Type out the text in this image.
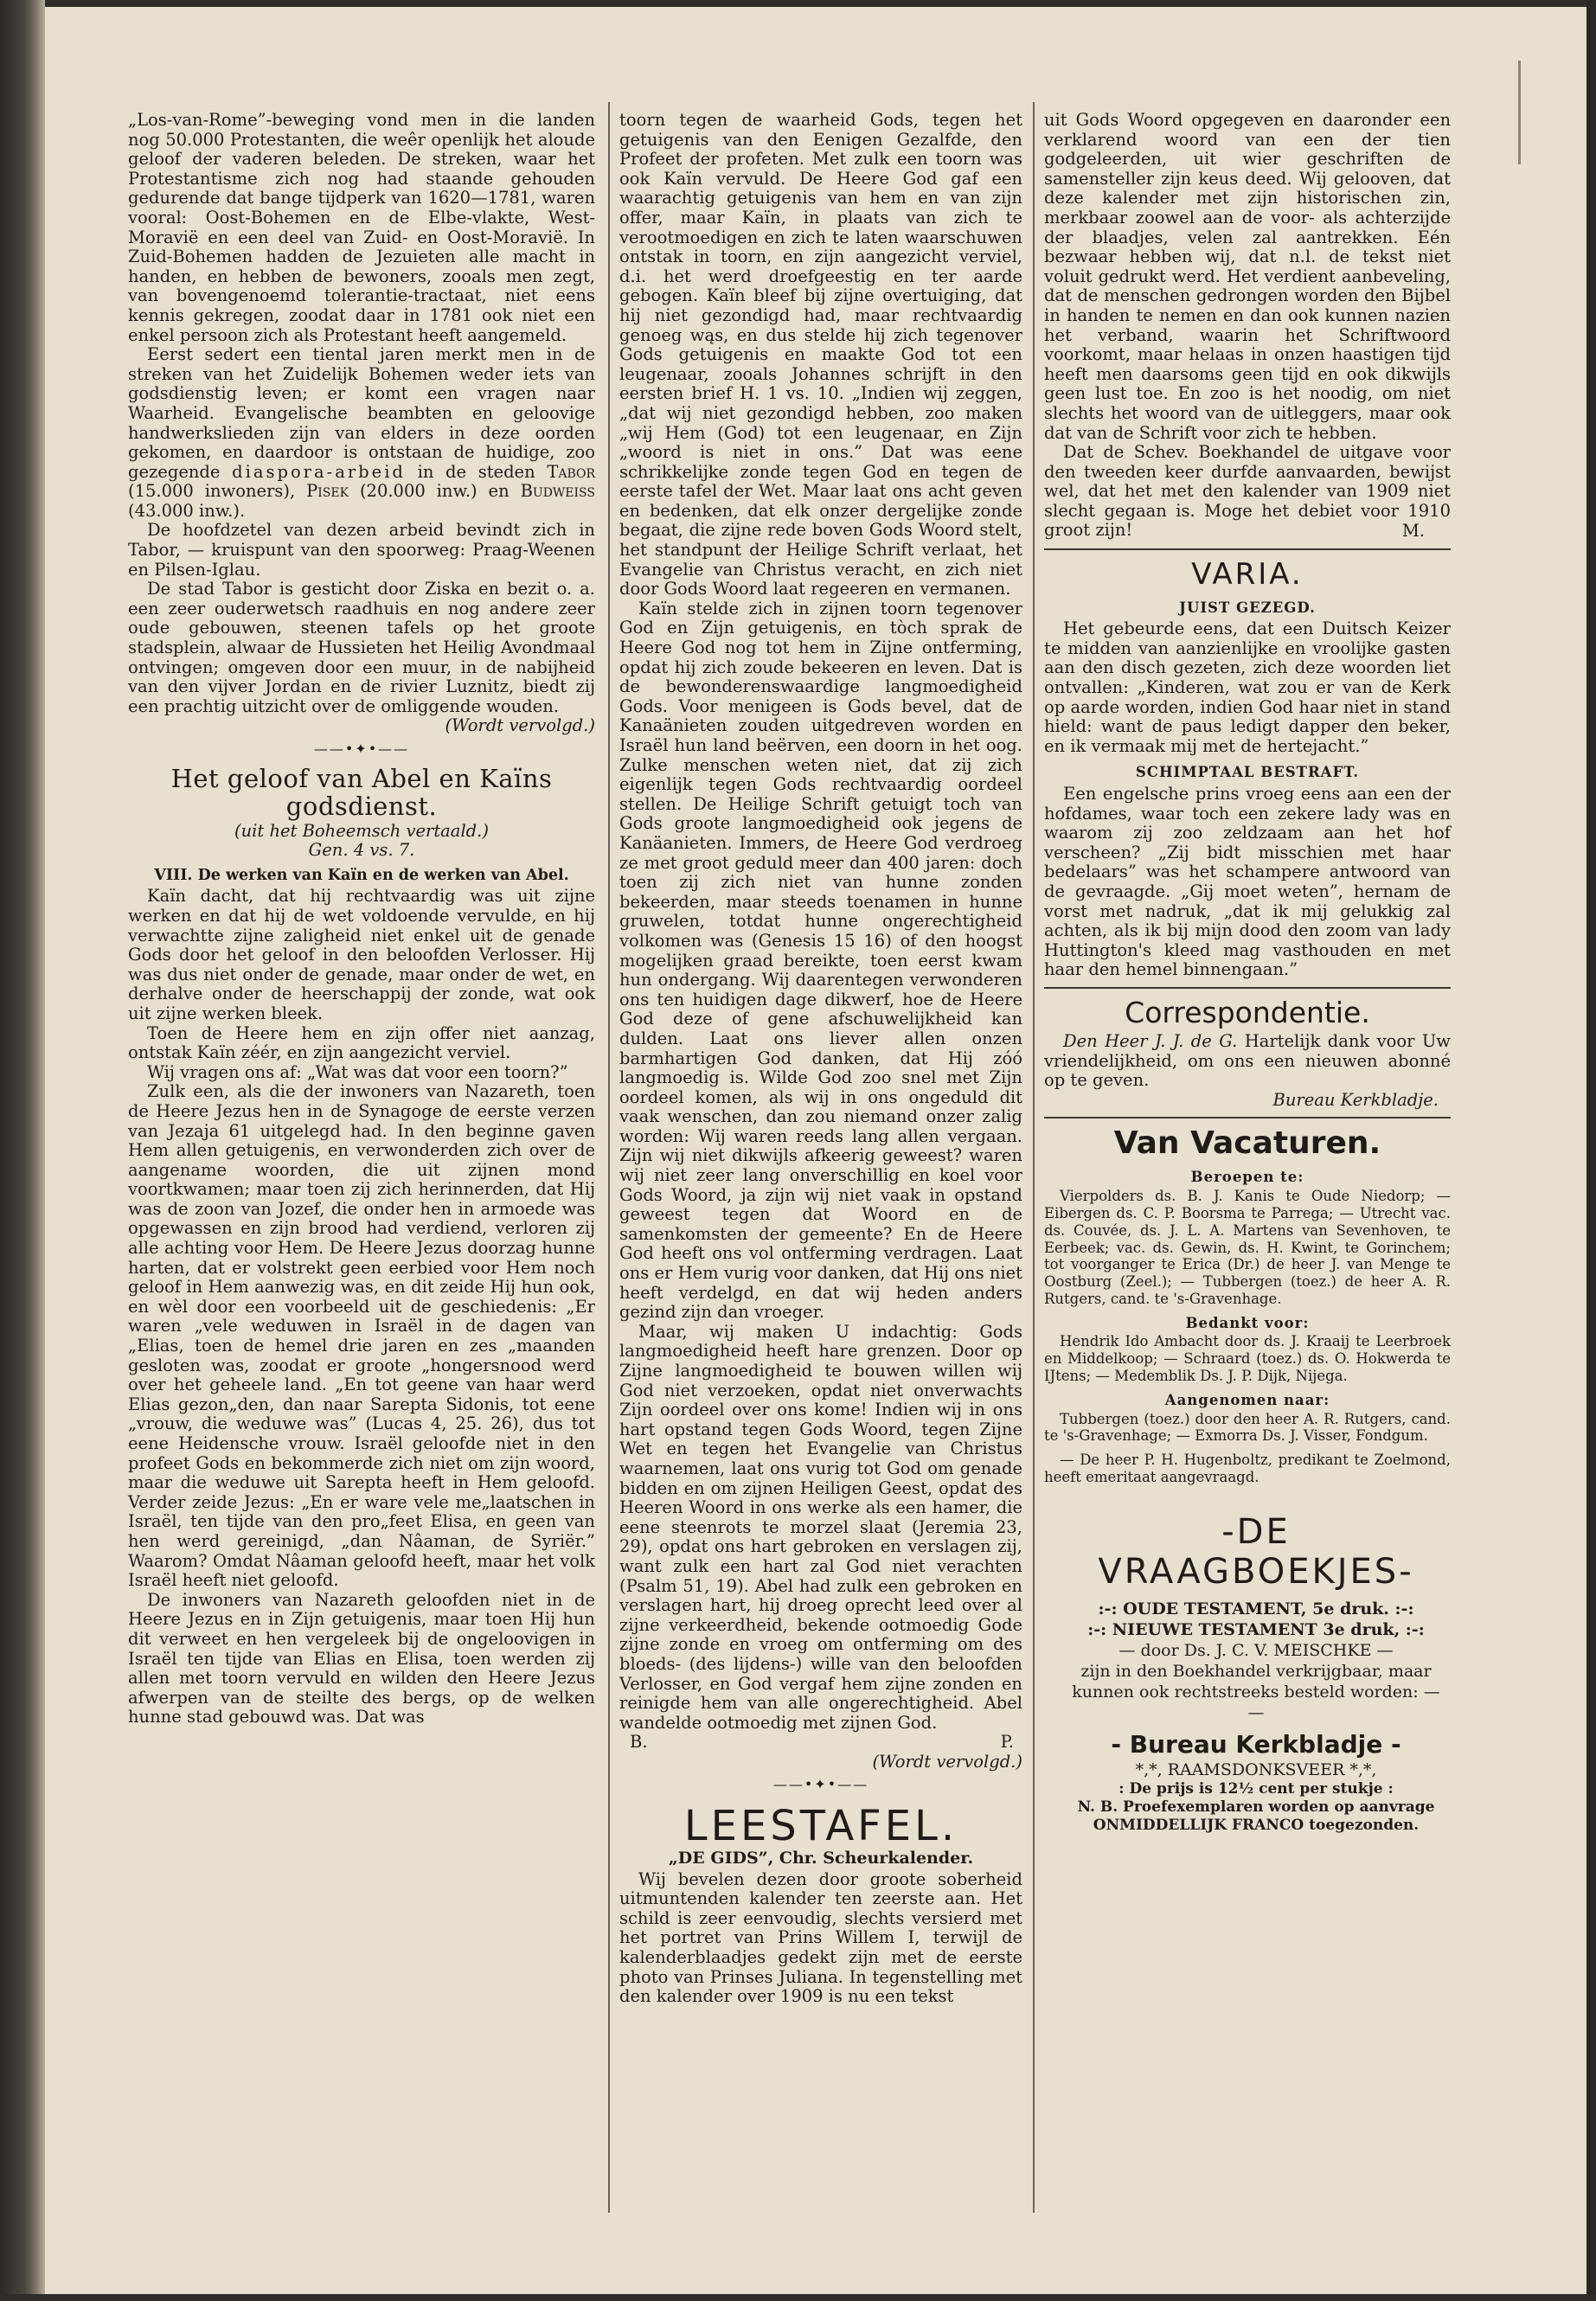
„Los-van-Rome”-beweging vond men in die landen nog 50.000 Protestanten, die weêr openlijk het aloude geloof der vaderen beleden. De streken, waar het Protestantisme zich nog had staande gehouden gedurende dat bange tijdperk van 1620—1781, waren vooral: Oost-Bohemen en de Elbe-vlakte, West-Moravië en een deel van Zuid- en Oost-Moravië. In Zuid-Bohemen hadden de Jezuieten alle macht in handen, en hebben de bewoners, zooals men zegt, van bovengenoemd tolerantie-tractaat, niet eens kennis gekregen, zoodat daar in 1781 ook niet een enkel persoon zich als Protestant heeft aangemeld.

Eerst sedert een tiental jaren merkt men in de streken van het Zuidelijk Bohemen weder iets van godsdienstig leven; er komt een vragen naar Waarheid. Evangelische beambten en geloovige handwerkslieden zijn van elders in deze oorden gekomen, en daardoor is ontstaan de huidige, zoo gezegende diaspora-arbeid in de steden Tabor (15.000 inwoners), Pisek (20.000 inw.) en Budweiss (43.000 inw.).

De hoofdzetel van dezen arbeid bevindt zich in Tabor, — kruispunt van den spoorweg: Praag-Weenen en Pilsen-Iglau.

De stad Tabor is gesticht door Ziska en bezit o. a. een zeer ouderwetsch raadhuis en nog andere zeer oude gebouwen, steenen tafels op het groote stadsplein, alwaar de Hussieten het Heilig Avondmaal ontvingen; omgeven door een muur, in de nabijheid van den vijver Jordan en de rivier Luznitz, biedt zij een prachtig uitzicht over de omliggende wouden.

(Wordt vervolgd.)

——•✦•——
Het geloof van Abel en Kaïns
godsdienst.
(uit het Boheemsch vertaald.)
Gen. 4 vs. 7.
VIII. De werken van Kaïn en de werken van Abel.

Kaïn dacht, dat hij rechtvaardig was uit zijne werken en dat hij de wet voldoende vervulde, en hij verwachtte zijne zaligheid niet enkel uit de genade Gods door het geloof in den beloofden Verlosser. Hij was dus niet onder de genade, maar onder de wet, en derhalve onder de heerschappij der zonde, wat ook uit zijne werken bleek.

Toen de Heere hem en zijn offer niet aanzag, ontstak Kaïn zéér, en zijn aangezicht verviel.

Wij vragen ons af: „Wat was dat voor een toorn?”

Zulk een, als die der inwoners van Nazareth, toen de Heere Jezus hen in de Synagoge de eerste verzen van Jezaja 61 uitgelegd had. In den beginne gaven Hem allen getuigenis, en verwonderden zich over de aangename woorden, die uit zijnen mond voortkwamen; maar toen zij zich herinnerden, dat Hij was de zoon van Jozef, die onder hen in armoede was opgewassen en zijn brood had verdiend, verloren zij alle achting voor Hem. De Heere Jezus doorzag hunne harten, dat er volstrekt geen eerbied voor Hem noch geloof in Hem aanwezig was, en dit zeide Hij hun ook, en wèl door een voorbeeld uit de geschiedenis: „Er waren „vele weduwen in Israël in de dagen van „Elias, toen de hemel drie jaren en zes „maanden gesloten was, zoodat er groote „hongersnood werd over het geheele land. „En tot geene van haar werd Elias gezon„den, dan naar Sarepta Sidonis, tot eene „vrouw, die weduwe was” (Lucas 4, 25. 26), dus tot eene Heidensche vrouw. Israël geloofde niet in den profeet Gods en bekommerde zich niet om zijn woord, maar die weduwe uit Sarepta heeft in Hem geloofd. Verder zeide Jezus: „En er ware vele me„laatschen in Israël, ten tijde van den pro„feet Elisa, en geen van hen werd gereinigd, „dan Nâaman, de Syriër.” Waarom? Omdat Nâaman geloofd heeft, maar het volk Israël heeft niet geloofd.

De inwoners van Nazareth geloofden niet in de Heere Jezus en in Zijn getuigenis, maar toen Hij hun dit verweet en hen vergeleek bij de ongeloovigen in Israël ten tijde van Elias en Elisa, toen werden zij allen met toorn vervuld en wilden den Heere Jezus afwerpen van de steilte des bergs, op de welken hunne stad gebouwd was. Dat was

toorn tegen de waarheid Gods, tegen het getuigenis van den Eenigen Gezalfde, den Profeet der profeten. Met zulk een toorn was ook Kaïn vervuld. De Heere God gaf een waarachtig getuigenis van hem en van zijn offer, maar Kaïn, in plaats van zich te verootmoedigen en zich te laten waarschuwen ontstak in toorn, en zijn aangezicht verviel, d.i. het werd droefgeestig en ter aarde gebogen. Kaïn bleef bij zijne overtuiging, dat hij niet gezondigd had, maar rechtvaardig genoeg wąs, en dus stelde hij zich tegenover Gods getuigenis en maakte God tot een leugenaar, zooals Johannes schrijft in den eersten brief H. 1 vs. 10. „Indien wij zeggen, „dat wij niet gezondigd hebben, zoo maken „wij Hem (God) tot een leugenaar, en Zijn „woord is niet in ons.” Dat was eene schrikkelijke zonde tegen God en tegen de eerste tafel der Wet. Maar laat ons acht geven en bedenken, dat elk onzer dergelijke zonde begaat, die zijne rede boven Gods Woord stelt, het standpunt der Heilige Schrift verlaat, het Evangelie van Christus veracht, en zich niet door Gods Woord laat regeeren en vermanen.

Kaïn stelde zich in zijnen toorn tegenover God en Zijn getuigenis, en tòch sprak de Heere God nog tot hem in Zijne ontferming, opdat hij zich zoude bekeeren en leven. Dat is de bewonderenswaardige langmoedigheid Gods. Voor menigeen is Gods bevel, dat de Kanaänieten zouden uitgedreven worden en Israël hun land beërven, een doorn in het oog. Zulke menschen weten niet, dat zij zich eigenlijk tegen Gods rechtvaardig oordeel stellen. De Heilige Schrift getuigt toch van Gods groote langmoedigheid ook jegens de Kanäanieten. Immers, de Heere God verdroeg ze met groot geduld meer dan 400 jaren: doch toen zij zich niet van hunne zonden bekeerden, maar steeds toenamen in hunne gruwelen, totdat hunne ongerechtigheid volkomen was (Genesis 15 16) of den hoogst mogelijken graad bereikte, toen eerst kwam hun ondergang. Wij daarentegen verwonderen ons ten huidigen dage dikwerf, hoe de Heere God deze of gene afschuwelijkheid kan dulden. Laat ons liever allen onzen barmhartigen God danken, dat Hij zóó langmoedig is. Wilde God zoo snel met Zijn oordeel komen, als wij in ons ongeduld dit vaak wenschen, dan zou niemand onzer zalig worden: Wij waren reeds lang allen vergaan. Zijn wij niet dikwijls afkeerig geweest? waren wij niet zeer lang onverschillig en koel voor Gods Woord, ja zijn wij niet vaak in opstand geweest tegen dat Woord en de samenkomsten der gemeente? En de Heere God heeft ons vol ontferming verdragen. Laat ons er Hem vurig voor danken, dat Hij ons niet heeft verdelgd, en dat wij heden anders gezind zijn dan vroeger.

Maar, wij maken U indachtig: Gods langmoedigheid heeft hare grenzen. Door op Zijne langmoedigheid te bouwen willen wij God niet verzoeken, opdat niet onverwachts Zijn oordeel over ons kome! Indien wij in ons hart opstand tegen Gods Woord, tegen Zijne Wet en tegen het Evangelie van Christus waarnemen, laat ons vurig tot God om genade bidden en om zijnen Heiligen Geest, opdat des Heeren Woord in ons werke als een hamer, die eene steenrots te morzel slaat (Jeremia 23, 29), opdat ons hart gebroken en verslagen zij, want zulk een hart zal God niet verachten (Psalm 51, 19). Abel had zulk een gebroken en verslagen hart, hij droeg oprecht leed over al zijne verkeerdheid, bekende ootmoedig Gode zijne zonde en vroeg om ontferming om des bloeds- (des lijdens-) wille van den beloofden Verlosser, en God vergaf hem zijne zonden en reinigde hem van alle ongerechtigheid. Abel wandelde ootmoedig met zijnen God.

B.	P.

(Wordt vervolgd.)

——•✦•——
LEESTAFEL.
„DE GIDS”, Chr. Scheurkalender.

Wij bevelen dezen door groote soberheid uitmuntenden kalender ten zeerste aan. Het schild is zeer eenvoudig, slechts versierd met het portret van Prins Willem I, terwijl de kalenderblaadjes gedekt zijn met de eerste photo van Prinses Juliana. In tegenstelling met den kalender over 1909 is nu een tekst

uit Gods Woord opgegeven en daaronder een verklarend woord van een der tien godgeleerden, uit wier geschriften de samensteller zijn keus deed. Wij gelooven, dat deze kalender met zijn historischen zin, merkbaar zoowel aan de voor- als achterzijde der blaadjes, velen zal aantrekken. Eén bezwaar hebben wij, dat n.l. de tekst niet voluit gedrukt werd. Het verdient aanbeveling, dat de menschen gedrongen worden den Bijbel in handen te nemen en dan ook kunnen nazien het verband, waarin het Schriftwoord voorkomt, maar helaas in onzen haastigen tijd heeft men daarsoms geen tijd en ook dikwijls geen lust toe. En zoo is het noodig, om niet slechts het woord van de uitleggers, maar ook dat van de Schrift voor zich te hebben.

Dat de Schev. Boekhandel de uitgave voor den tweeden keer durfde aanvaarden, bewijst wel, dat het met den kalender van 1909 niet slecht gegaan is. Moge het debiet voor 1910 groot zijn!	M.
VARIA.
JUIST GEZEGD.

Het gebeurde eens, dat een Duitsch Keizer te midden van aanzienlijke en vroolijke gasten aan den disch gezeten, zich deze woorden liet ontvallen: „Kinderen, wat zou er van de Kerk op aarde worden, indien God haar niet in stand hield: want de paus ledigt dapper den beker, en ik vermaak mij met de hertejacht.”

SCHIMPTAAL BESTRAFT.

Een engelsche prins vroeg eens aan een der hofdames, waar toch een zekere lady was en waarom zij zoo zeldzaam aan het hof verscheen? „Zij bidt misschien met haar bedelaars” was het schampere antwoord van de gevraagde. „Gij moet weten”, hernam de vorst met nadruk, „dat ik mij gelukkig zal achten, als ik bij mijn dood den zoom van lady Huttington's kleed mag vasthouden en met haar den hemel binnengaan.”

Correspondentie.

Den Heer J. J. de G. Hartelijk dank voor Uw vriendelijkheid, om ons een nieuwen abonné op te geven.

Bureau Kerkbladje.
Van Vacaturen.
Beroepen te:

Vierpolders ds. B. J. Kanis te Oude Niedorp; — Eibergen ds. C. P. Boorsma te Parrega; — Utrecht vac. ds. Couvée, ds. J. L. A. Martens van Sevenhoven, te Eerbeek; vac. ds. Gewin, ds. H. Kwint, te Gorinchem; tot voorganger te Erica (Dr.) de heer J. van Menge te Oostburg (Zeel.); — Tubbergen (toez.) de heer A. R. Rutgers, cand. te 's-Gravenhage.

Bedankt voor:

Hendrik Ido Ambacht door ds. J. Kraaij te Leerbroek en Middelkoop; — Schraard (toez.) ds. O. Hokwerda te IJtens; — Medemblik Ds. J. P. Dijk, Nijega.

Aangenomen naar:

Tubbergen (toez.) door den heer A. R. Rutgers, cand. te 's-Gravenhage; — Exmorra Ds. J. Visser, Fondgum.

— De heer P. H. Hugenboltz, predikant te Zoelmond, heeft emeritaat aangevraagd.

-DE VRAAGBOEKJES-
:-: OUDE TESTAMENT, 5e druk. :-:
:-: NIEUWE TESTAMENT 3e druk, :-:
— door Ds. J. C. V. MEISCHKE —
zijn in den Boekhandel verkrijgbaar, maar kunnen ook rechtstreeks besteld worden: — —
- Bureau Kerkbladje -
*,*, RAAMSDONKSVEER *,*,
: De prijs is 12½ cent per stukje :
N. B. Proefexemplaren worden op aanvrage ONMIDDELLIJK FRANCO toegezonden.
